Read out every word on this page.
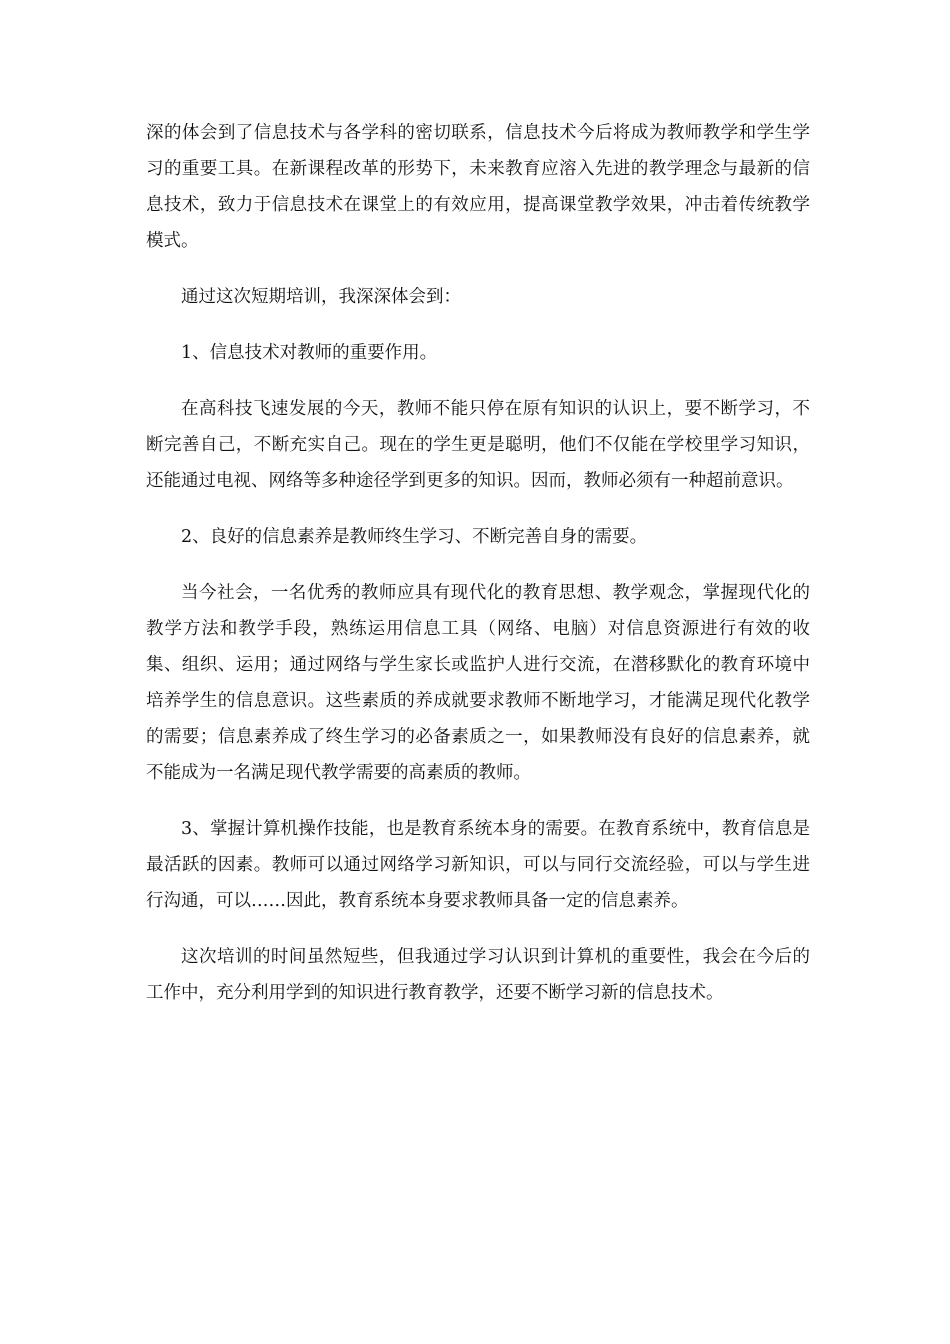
深的体会到了信息技术与各学科的密切联系，信息技术今后将成为教师教学和学生学习的重要工具。在新课程改革的形势下，未来教育应溶入先进的教学理念与最新的信息技术，致力于信息技术在课堂上的有效应用，提高课堂教学效果，冲击着传统教学模式。

通过这次短期培训，我深深体会到：

1、信息技术对教师的重要作用。

在高科技飞速发展的今天，教师不能只停在原有知识的认识上，要不断学习，不断完善自己，不断充实自己。现在的学生更是聪明，他们不仅能在学校里学习知识，还能通过电视、网络等多种途径学到更多的知识。因而，教师必须有一种超前意识。

2、良好的信息素养是教师终生学习、不断完善自身的需要。

当今社会，一名优秀的教师应具有现代化的教育思想、教学观念，掌握现代化的教学方法和教学手段，熟练运用信息工具（网络、电脑）对信息资源进行有效的收集、组织、运用；通过网络与学生家长或监护人进行交流，在潜移默化的教育环境中培养学生的信息意识。这些素质的养成就要求教师不断地学习，才能满足现代化教学的需要；信息素养成了终生学习的必备素质之一，如果教师没有良好的信息素养，就不能成为一名满足现代教学需要的高素质的教师。

3、掌握计算机操作技能，也是教育系统本身的需要。在教育系统中，教育信息是最活跃的因素。教师可以通过网络学习新知识，可以与同行交流经验，可以与学生进行沟通，可以……因此，教育系统本身要求教师具备一定的信息素养。

这次培训的时间虽然短些，但我通过学习认识到计算机的重要性，我会在今后的工作中，充分利用学到的知识进行教育教学，还要不断学习新的信息技术。
